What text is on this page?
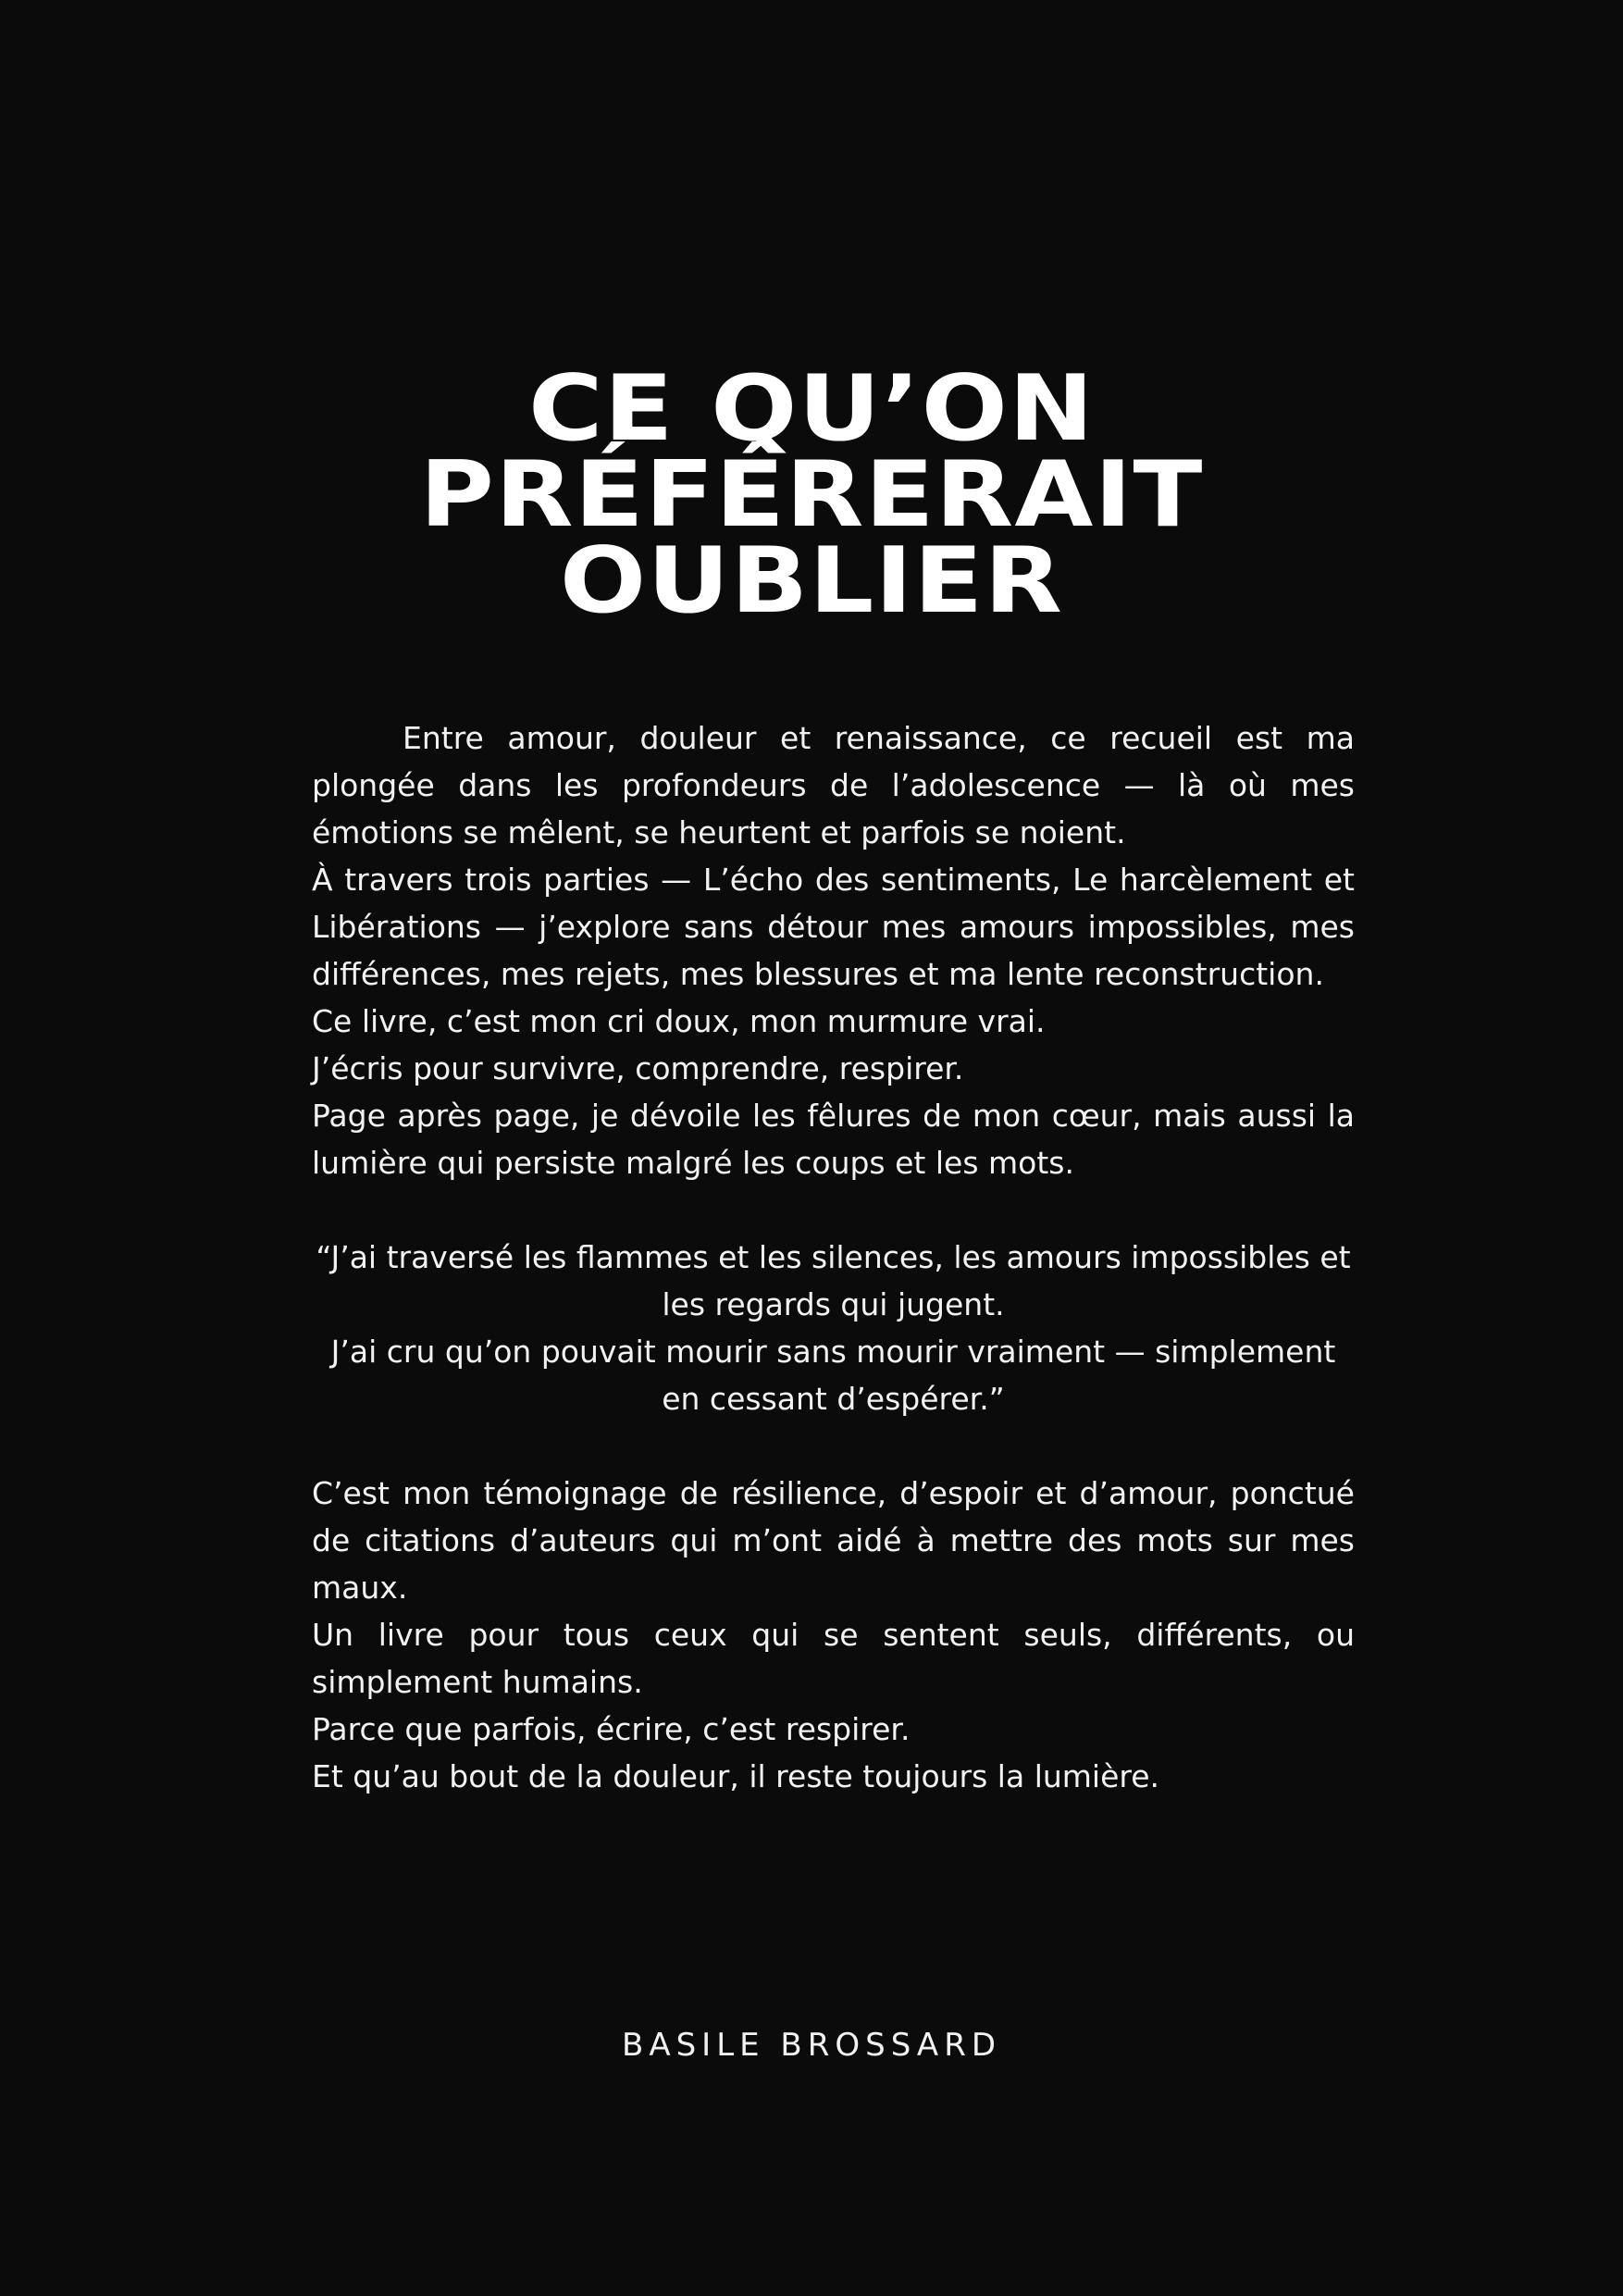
CE QU’ON
PRÉFÉRERAIT
OUBLIER

Entre amour, douleur et renaissance, ce recueil est ma plongée dans les profondeurs de l’adolescence — là où mes émotions se mêlent, se heurtent et parfois se noient.

À travers trois parties — L’écho des sentiments, Le harcèlement et Libérations — j’explore sans détour mes amours impossibles, mes différences, mes rejets, mes blessures et ma lente reconstruction.

Ce livre, c’est mon cri doux, mon murmure vrai.

J’écris pour survivre, comprendre, respirer.

Page après page, je dévoile les fêlures de mon cœur, mais aussi la lumière qui persiste malgré les coups et les mots.

“J’ai traversé les flammes et les silences, les amours impossibles et les regards qui jugent.

J’ai cru qu’on pouvait mourir sans mourir vraiment — simplement en cessant d’espérer.”

C’est mon témoignage de résilience, d’espoir et d’amour, ponctué de citations d’auteurs qui m’ont aidé à mettre des mots sur mes maux.

Un livre pour tous ceux qui se sentent seuls, différents, ou simplement humains.

Parce que parfois, écrire, c’est respirer.

Et qu’au bout de la douleur, il reste toujours la lumière.

BASILE BROSSARD
